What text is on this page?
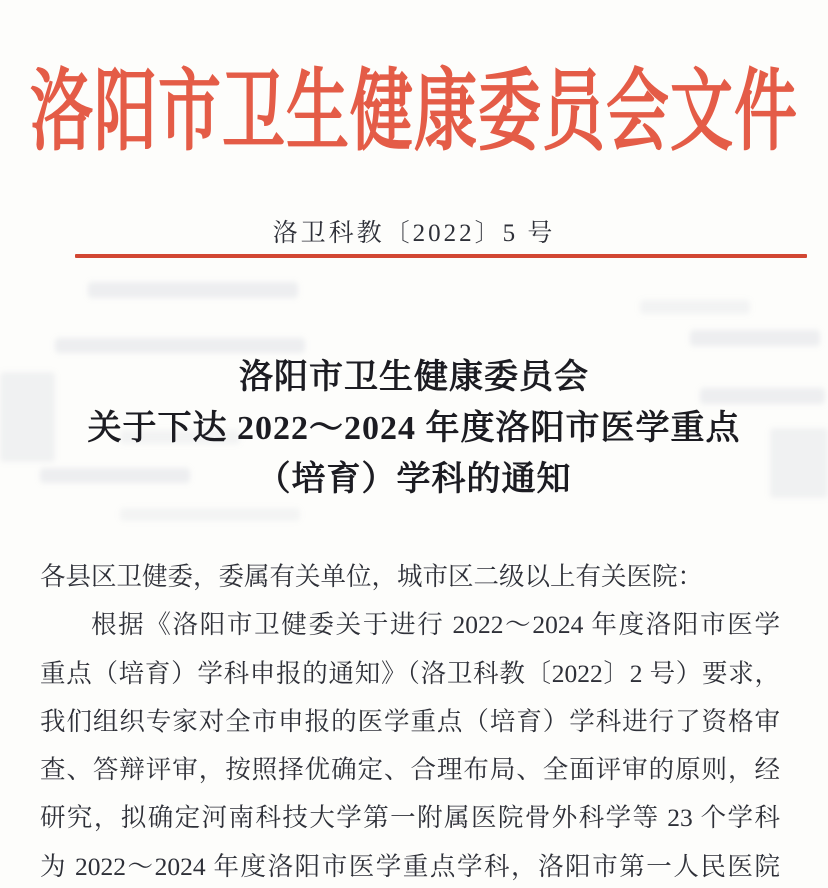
洛阳市卫生健康委员会文件
洛卫科教〔2022〕5 号
洛阳市卫生健康委员会
关于下达 2022～2024 年度洛阳市医学重点
（培育）学科的通知
各县区卫健委，委属有关单位，城市区二级以上有关医院：
根据《洛阳市卫健委关于进行 2022～2024 年度洛阳市医学
重点（培育）学科申报的通知》（洛卫科教〔2022〕2 号）要求，
我们组织专家对全市申报的医学重点（培育）学科进行了资格审
查、答辩评审，按照择优确定、合理布局、全面评审的原则，经
研究，拟确定河南科技大学第一附属医院骨外科学等 23 个学科
为 2022～2024 年度洛阳市医学重点学科，洛阳市第一人民医院
